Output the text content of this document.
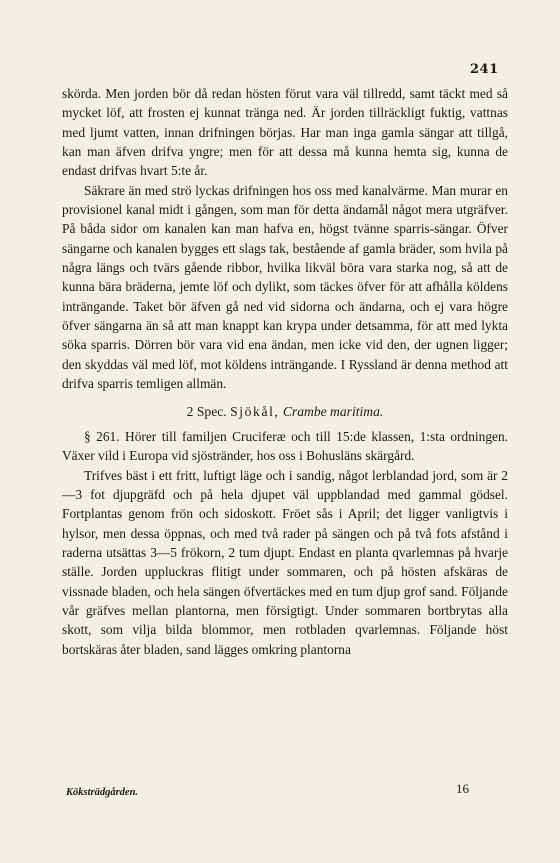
241

skörda. Men jorden bör då redan hösten förut vara väl tillredd, samt täckt med så mycket löf, att frosten ej kunnat tränga ned. Är jorden tillräckligt fuktig, vattnas med ljumt vatten, innan drifningen börjas. Har man inga gamla sängar att tillgå, kan man äfven drifva yngre; men för att dessa må kunna hemta sig, kunna de endast drifvas hvart 5:te år.

Säkrare än med strö lyckas drifningen hos oss med kanalvärme. Man murar en provisionel kanal midt i gången, som man för detta ändamål något mera utgräfver. På båda sidor om kanalen kan man hafva en, högst tvänne sparris-sängar. Öfver sängarne och kanalen bygges ett slags tak, bestående af gamla bräder, som hvila på några längs och tvärs gående ribbor, hvilka likväl böra vara starka nog, så att de kunna bära bräderna, jemte löf och dylikt, som täckes öfver för att afhålla köldens inträngande. Taket bör äfven gå ned vid sidorna och ändarna, och ej vara högre öfver sängarna än så att man knappt kan krypa under detsamma, för att med lykta söka sparris. Dörren bör vara vid ena ändan, men icke vid den, der ugnen ligger; den skyddas väl med löf, mot köldens inträngande. I Ryssland är denna method att drifva sparris temligen allmän.

2 Spec. Sjökål, Crambe maritima.

§ 261. Hörer till familjen Cruciferæ och till 15:de klassen, 1:sta ordningen. Växer vild i Europa vid sjöstränder, hos oss i Bohusläns skärgård.

Trifves bäst i ett fritt, luftigt läge och i sandig, något lerblandad jord, som är 2—3 fot djupgräfd och på hela djupet väl uppblandad med gammal gödsel. Fortplantas genom frön och sidoskott. Fröet sås i April; det ligger vanligtvis i hylsor, men dessa öppnas, och med två rader på sängen och på två fots afstånd i raderna utsättas 3—5 frökorn, 2 tum djupt. Endast en planta qvarlemnas på hvarje ställe. Jorden uppluckras flitigt under sommaren, och på hösten afskäras de vissnade bladen, och hela sängen öfvertäckes med en tum djup grof sand. Följande vår gräfves mellan plantorna, men försigtigt. Under sommaren bortbrytas alla skott, som vilja bilda blommor, men rotbladen qvarlemnas. Följande höst bortskäras åter bladen, sand lägges omkring plantorna

Köksträdgården.	16
